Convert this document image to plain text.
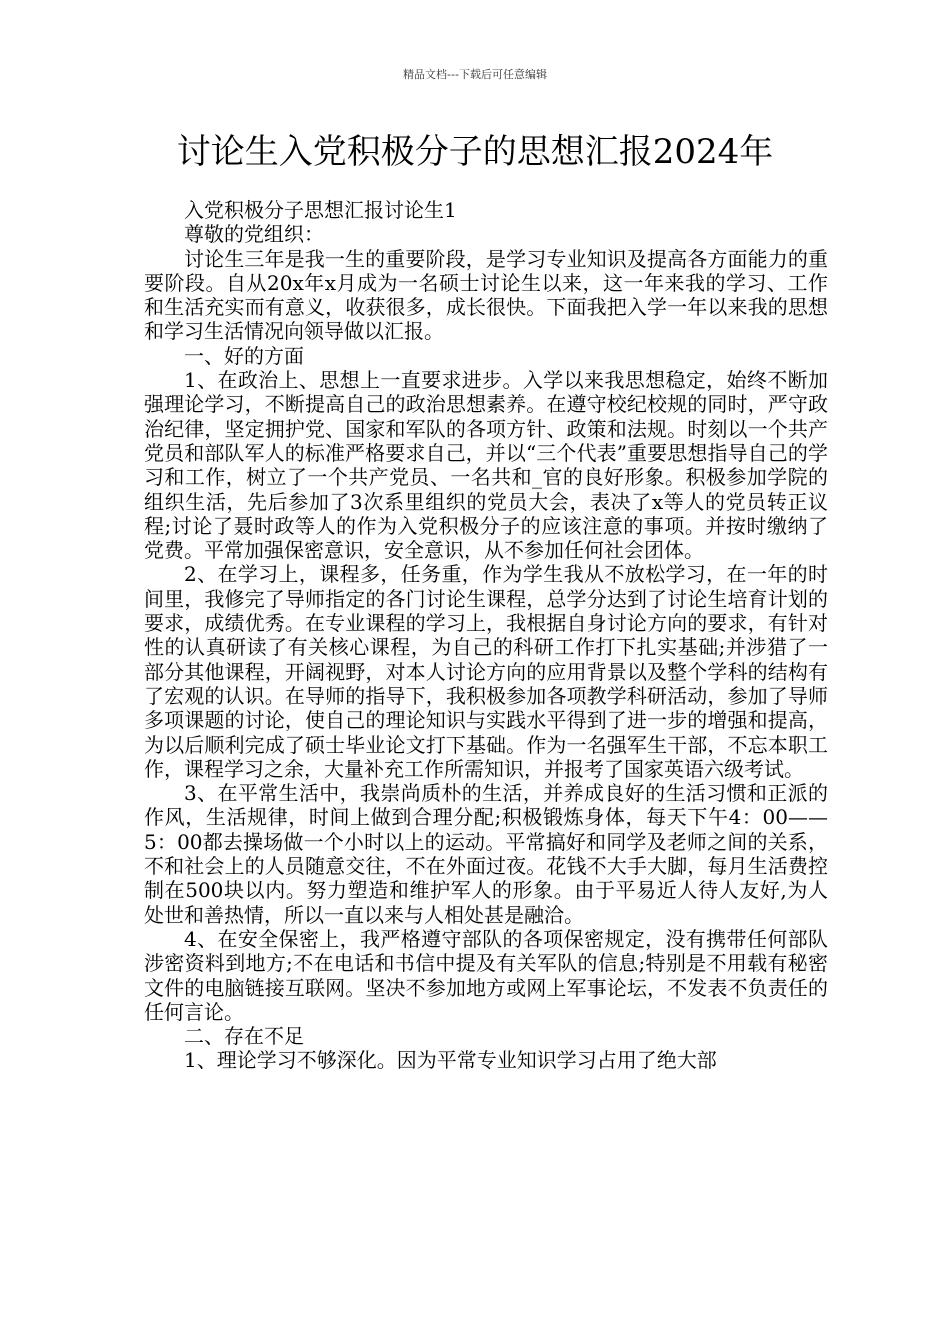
精品文档---下载后可任意编辑
讨论生入党积极分子的思想汇报2024年

入党积极分子思想汇报讨论生1

尊敬的党组织：

讨论生三年是我一生的重要阶段，是学习专业知识及提高各方面能力的重要阶段。自从20x年x月成为一名硕士讨论生以来，这一年来我的学习、工作和生活充实而有意义，收获很多，成长很快。下面我把入学一年以来我的思想和学习生活情况向领导做以汇报。

一、好的方面

1、在政治上、思想上一直要求进步。入学以来我思想稳定，始终不断加强理论学习，不断提高自己的政治思想素养。在遵守校纪校规的同时，严守政治纪律，坚定拥护党、国家和军队的各项方针、政策和法规。时刻以一个共产党员和部队军人的标准严格要求自己，并以“三个代表”重要思想指导自己的学习和工作，树立了一个共产党员、一名共和_官的良好形象。积极参加学院的组织生活，先后参加了3次系里组织的党员大会，表决了x等人的党员转正议程;讨论了聂时政等人的作为入党积极分子的应该注意的事项。并按时缴纳了党费。平常加强保密意识，安全意识，从不参加任何社会团体。

2、在学习上，课程多，任务重，作为学生我从不放松学习，在一年的时间里，我修完了导师指定的各门讨论生课程，总学分达到了讨论生培育计划的要求，成绩优秀。在专业课程的学习上，我根据自身讨论方向的要求，有针对性的认真研读了有关核心课程，为自己的科研工作打下扎实基础;并涉猎了一部分其他课程，开阔视野，对本人讨论方向的应用背景以及整个学科的结构有了宏观的认识。在导师的指导下，我积极参加各项教学科研活动，参加了导师多项课题的讨论，使自己的理论知识与实践水平得到了进一步的增强和提高，为以后顺利完成了硕士毕业论文打下基础。作为一名强军生干部，不忘本职工作，课程学习之余，大量补充工作所需知识，并报考了国家英语六级考试。

3、在平常生活中，我崇尚质朴的生活，并养成良好的生活习惯和正派的作风，生活规律，时间上做到合理分配;积极锻炼身体，每天下午4：00——5：00都去操场做一个小时以上的运动。平常搞好和同学及老师之间的关系，不和社会上的人员随意交往，不在外面过夜。花钱不大手大脚，每月生活费控制在500块以内。努力塑造和维护军人的形象。由于平易近人待人友好,为人处世和善热情，所以一直以来与人相处甚是融洽。

4、在安全保密上，我严格遵守部队的各项保密规定，没有携带任何部队涉密资料到地方;不在电话和书信中提及有关军队的信息;特别是不用载有秘密文件的电脑链接互联网。坚决不参加地方或网上军事论坛，不发表不负责任的任何言论。

二、存在不足

1、理论学习不够深化。因为平常专业知识学习占用了绝大部
